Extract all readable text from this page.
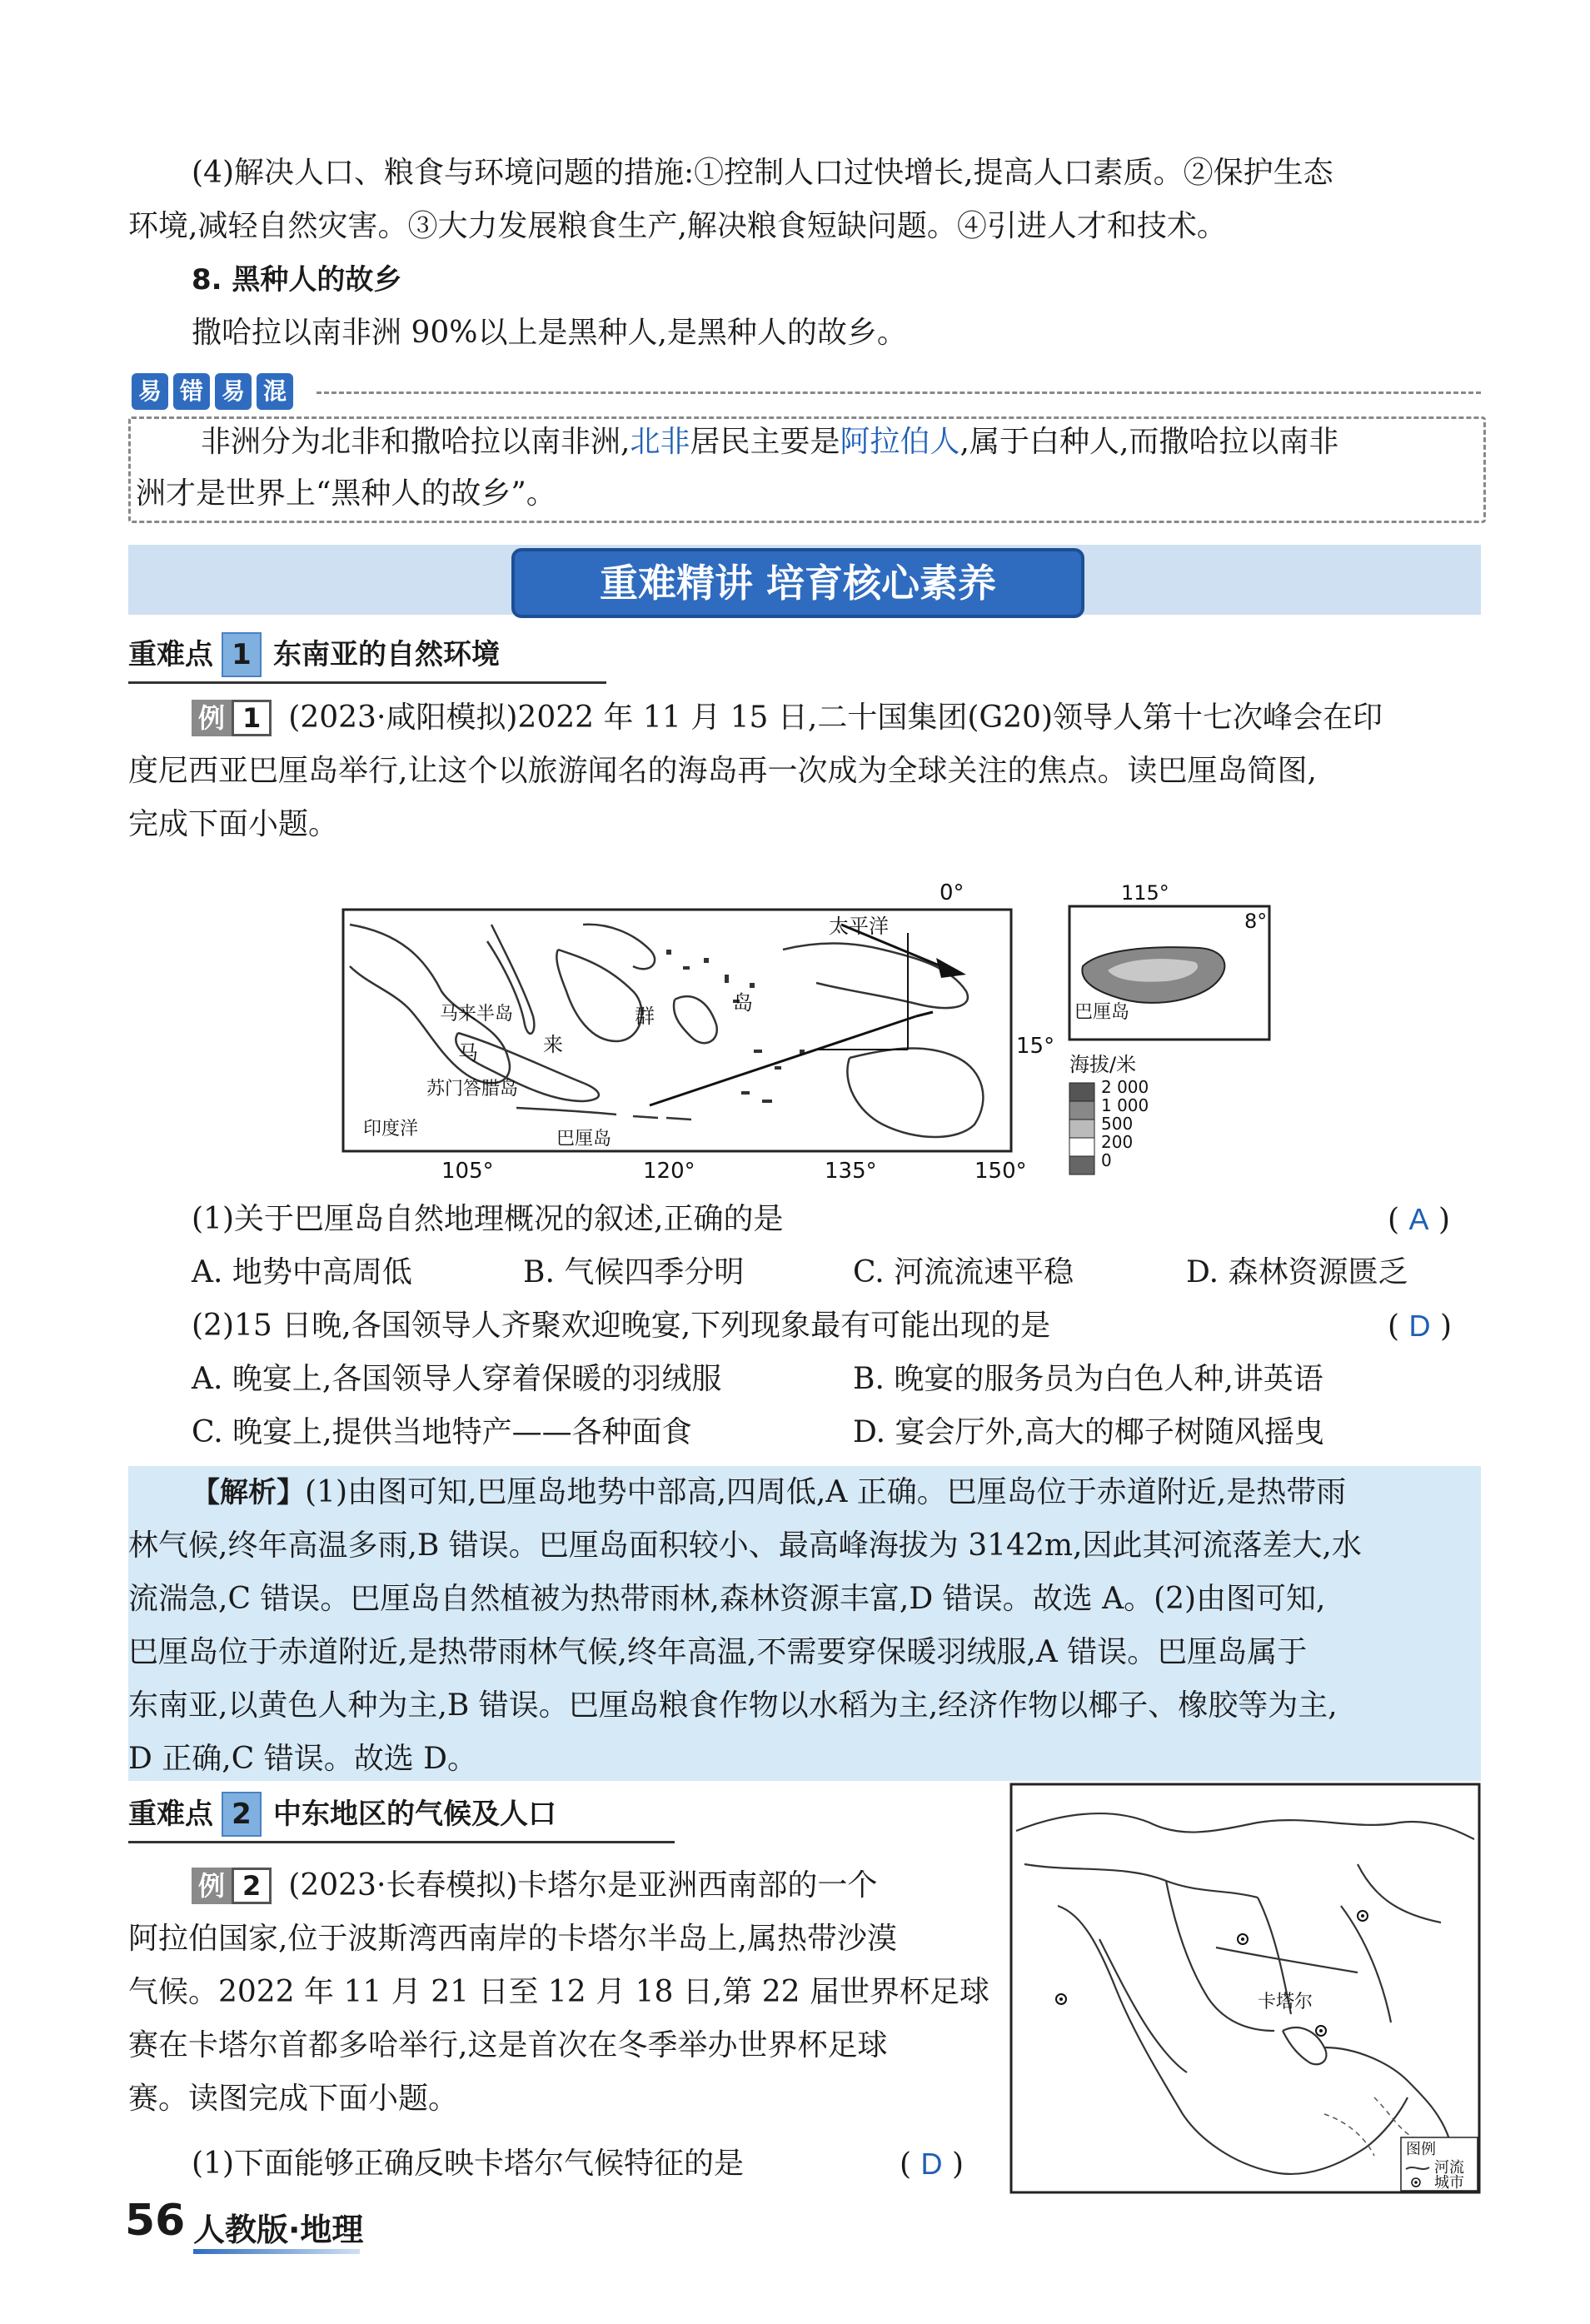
(4)解决人口、粮食与环境问题的措施:①控制人口过快增长,提高人口素质。②保护生态
环境,减轻自然灾害。③大力发展粮食生产,解决粮食短缺问题。④引进人才和技术。
8. 黑种人的故乡
撒哈拉以南非洲 90%以上是黑种人,是黑种人的故乡。
易 错 易 混
非洲分为北非和撒哈拉以南非洲,北非居民主要是阿拉伯人,属于白种人,而撒哈拉以南非
洲才是世界上“黑种人的故乡”。
重难精讲 培育核心素养
重难点 1 东南亚的自然环境
例 1 (2023·咸阳模拟)2022 年 11 月 15 日,二十国集团(G20)领导人第十七次峰会在印
度尼西亚巴厘岛举行,让这个以旅游闻名的海岛再一次成为全球关注的焦点。读巴厘岛简图,
完成下面小题。
0°
15°
105°	120°	135°	150°
太平洋
马来半岛	群
岛
马	来
苏门答腊岛
印度洋	巴厘岛
115°
8°
巴厘岛
海拔/米
2 000
1 000
500
200
0
(1)关于巴厘岛自然地理概况的叙述,正确的是	( A )
A. 地势中高周低	B. 气候四季分明	C. 河流流速平稳	D. 森林资源匮乏
(2)15 日晚,各国领导人齐聚欢迎晚宴,下列现象最有可能出现的是	( D )
A. 晚宴上,各国领导人穿着保暖的羽绒服	B. 晚宴的服务员为白色人种,讲英语
C. 晚宴上,提供当地特产——各种面食	D. 宴会厅外,高大的椰子树随风摇曳
【解析】(1)由图可知,巴厘岛地势中部高,四周低,A 正确。巴厘岛位于赤道附近,是热带雨
林气候,终年高温多雨,B 错误。巴厘岛面积较小、最高峰海拔为 3142m,因此其河流落差大,水
流湍急,C 错误。巴厘岛自然植被为热带雨林,森林资源丰富,D 错误。故选 A。(2)由图可知,
巴厘岛位于赤道附近,是热带雨林气候,终年高温,不需要穿保暖羽绒服,A 错误。巴厘岛属于
东南亚,以黄色人种为主,B 错误。巴厘岛粮食作物以水稻为主,经济作物以椰子、橡胶等为主,
D 正确,C 错误。故选 D。
重难点 2 中东地区的气候及人口
例 2 (2023·长春模拟)卡塔尔是亚洲西南部的一个
阿拉伯国家,位于波斯湾西南岸的卡塔尔半岛上,属热带沙漠
气候。2022 年 11 月 21 日至 12 月 18 日,第 22 届世界杯足球
赛在卡塔尔首都多哈举行,这是首次在冬季举办世界杯足球
赛。读图完成下面小题。
(1)下面能够正确反映卡塔尔气候特征的是	( D )
卡塔尔
图例
河流
城市
56 人教版·地理
